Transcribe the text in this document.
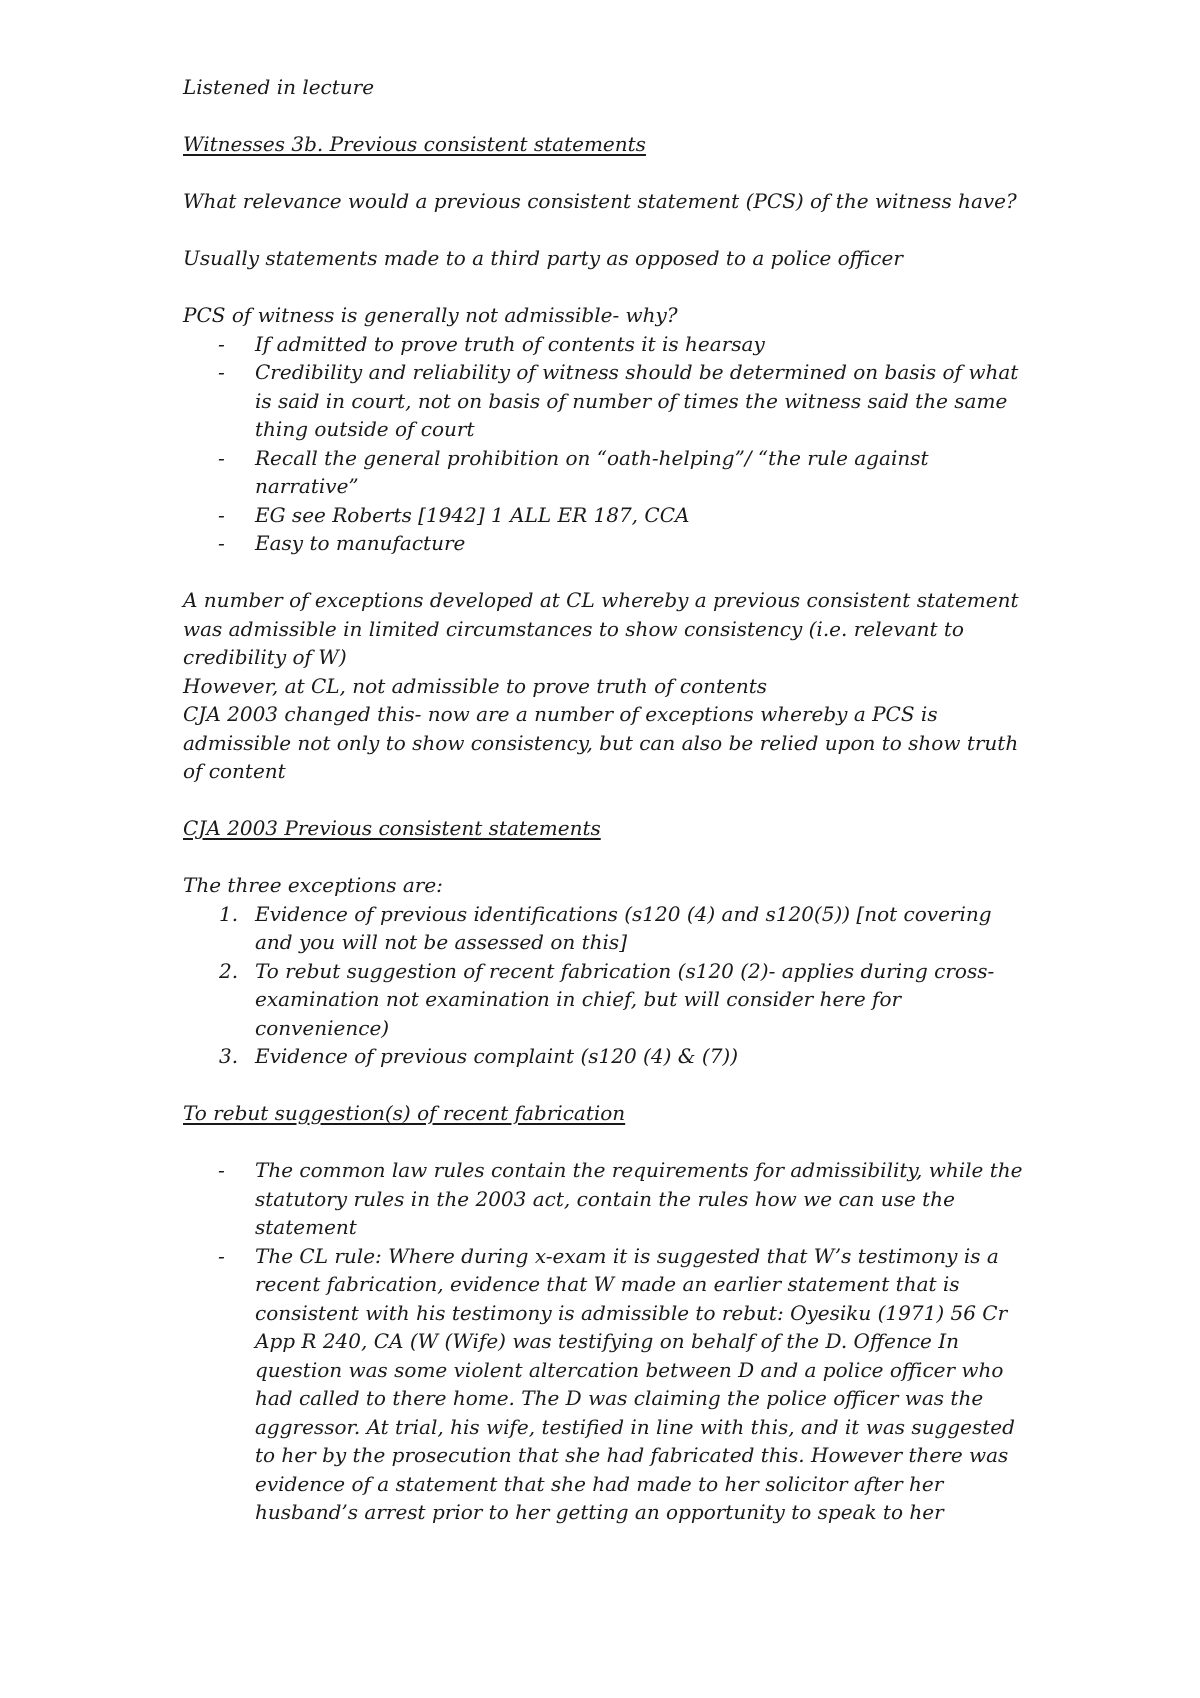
Listened in lecture

Witnesses 3b. Previous consistent statements

What relevance would a previous consistent statement (PCS) of the witness have?

Usually statements made to a third party as opposed to a police officer

PCS of witness is generally not admissible- why?

- If admitted to prove truth of contents it is hearsay
- Credibility and reliability of witness should be determined on basis of what is said in court, not on basis of number of times the witness said the same thing outside of court
- Recall the general prohibition on “oath-helping”/ “the rule against narrative”
- EG see Roberts [1942] 1 ALL ER 187, CCA
- Easy to manufacture

A number of exceptions developed at CL whereby a previous consistent statement was admissible in limited circumstances to show consistency (i.e. relevant to credibility of W)

However, at CL, not admissible to prove truth of contents

CJA 2003 changed this- now are a number of exceptions whereby a PCS is admissible not only to show consistency, but can also be relied upon to show truth of content

CJA 2003 Previous consistent statements

The three exceptions are:

1. Evidence of previous identifications (s120 (4) and s120(5)) [not covering and you will not be assessed on this]
2. To rebut suggestion of recent fabrication (s120 (2)- applies during cross-examination not examination in chief, but will consider here for convenience)
3. Evidence of previous complaint (s120 (4) & (7))

To rebut suggestion(s) of recent fabrication

- The common law rules contain the requirements for admissibility, while the statutory rules in the 2003 act, contain the rules how we can use the statement
- The CL rule: Where during x-exam it is suggested that W’s testimony is a recent fabrication, evidence that W made an earlier statement that is consistent with his testimony is admissible to rebut: Oyesiku (1971) 56 Cr App R 240, CA (W (Wife) was testifying on behalf of the D. Offence In question was some violent altercation between D and a police officer who had called to there home. The D was claiming the police officer was the aggressor. At trial, his wife, testified in line with this, and it was suggested to her by the prosecution that she had fabricated this. However there was evidence of a statement that she had made to her solicitor after her husband’s arrest prior to her getting an opportunity to speak to her
